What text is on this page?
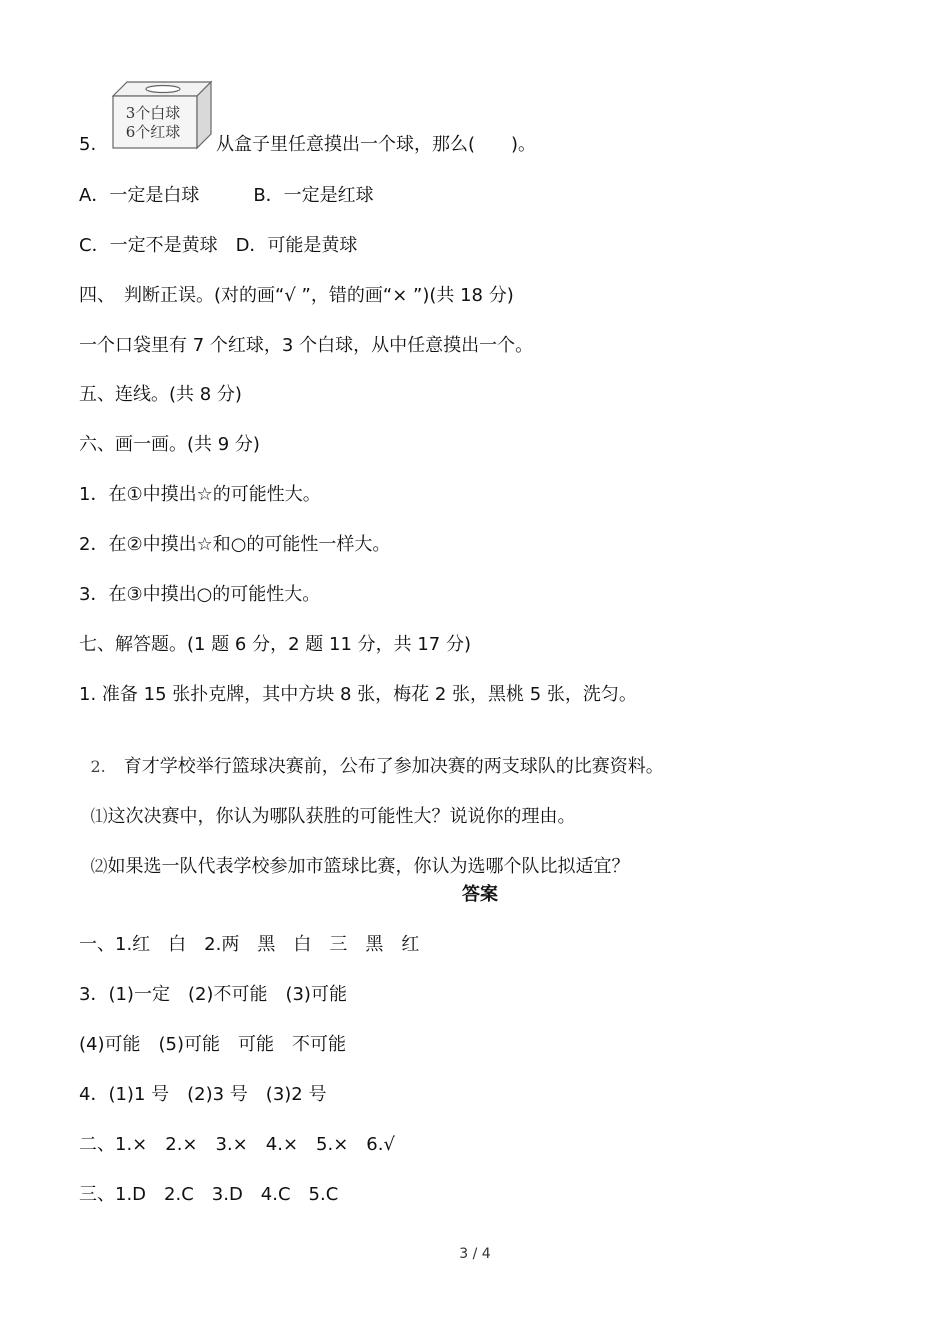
5.
3个白球
6个红球
从盒子里任意摸出一个球，那么(　　)。
A．一定是白球　　　B．一定是红球
C．一定不是黄球　D．可能是黄球
四、　判断正误。(对的画“√ ”，错的画“× ”)(共 18 分)
一个口袋里有 7 个红球，3 个白球，从中任意摸出一个。
五、连线。(共 8 分)
六、画一画。(共 9 分)
1．在①中摸出☆的可能性大。
2．在②中摸出☆和○的可能性一样大。
3．在③中摸出○的可能性大。
七、解答题。(1 题 6 分，2 题 11 分，共 17 分)
1. 准备 15 张扑克牌，其中方块 8 张，梅花 2 张，黑桃 5 张，洗匀。

2.　 育才学校举行篮球决赛前，公布了参加决赛的两支球队的比赛资料。

⑴这次决赛中，你认为哪队获胜的可能性大？说说你的理由。

⑵如果选一队代表学校参加市篮球比赛，你认为选哪个队比拟适宜？

答案
一、1.红　白　2.两　黑　白　三　黑　红
3．(1)一定　(2)不可能　(3)可能
(4)可能　(5)可能　可能　不可能
4．(1)1 号　(2)3 号　(3)2 号
二、1.×　2.×　3.×　4.×　5.×　6.√
三、1.D　2.C　3.D　4.C　5.C
3 / 4
